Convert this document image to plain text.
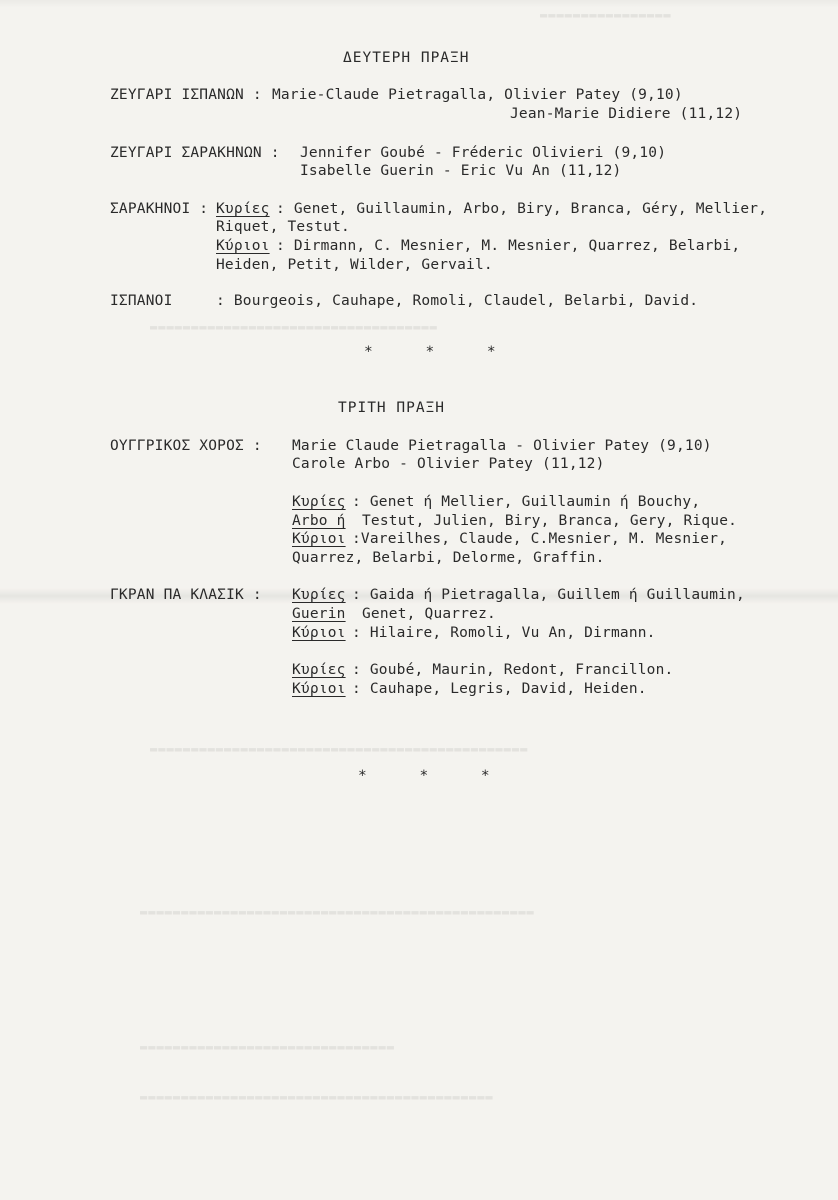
▬▬▬▬▬▬▬▬▬▬▬▬▬▬▬▬
▬▬▬▬▬▬▬▬▬▬▬▬▬▬▬▬▬▬▬▬▬▬▬▬▬▬▬▬▬▬▬▬▬▬▬
▬▬▬▬▬▬▬▬▬▬▬▬▬▬▬▬▬▬▬▬▬▬▬▬▬▬▬▬▬▬▬▬▬▬▬▬▬▬▬▬▬▬▬▬▬▬
▬▬▬▬▬▬▬▬▬▬▬▬▬▬▬▬▬▬▬▬▬▬▬▬▬▬▬▬▬▬▬▬▬▬▬▬▬▬▬▬▬▬▬▬▬▬▬▬
▬▬▬▬▬▬▬▬▬▬▬▬▬▬▬▬▬▬▬▬▬▬▬▬▬▬▬▬▬▬▬
▬▬▬▬▬▬▬▬▬▬▬▬▬▬▬▬▬▬▬▬▬▬▬▬▬▬▬▬▬▬▬▬▬▬▬▬▬▬▬▬▬▬▬
ΔΕΥΤΕΡΗ ΠΡΑΞΗ
ΖΕΥΓΑΡΙ ΙΣΠΑΝΩΝ : Marie-Claude Pietragalla, Olivier Patey (9,10)
Jean-Marie Didiere (11,12)
ΖΕΥΓΑΡΙ ΣΑΡΑΚΗΝΩΝ : Jennifer Goubé - Fréderic Olivieri (9,10)
Isabelle Guerin - Eric Vu An (11,12)
ΣΑΡΑΚΗΝΟΙ : Κυρίες : Genet, Guillaumin, Arbo, Biry, Branca, Géry, Mellier,
Riquet, Testut.
Κύριοι : Dirmann, C. Mesnier, M. Mesnier, Quarrez, Belarbi,
Heiden, Petit, Wilder, Gervail.
ΙΣΠΑΝΟΙ	: Bourgeois, Cauhape, Romoli, Claudel, Belarbi, David.
* * *
ΤΡΙΤΗ ΠΡΑΞΗ
ΟΥΓΓΡΙΚΟΣ ΧΟΡΟΣ : Marie Claude Pietragalla - Olivier Patey (9,10)
Carole Arbo - Olivier Patey (11,12)
Κυρίες : Genet ή Mellier, Guillaumin ή Bouchy,
Arbo ή Testut, Julien, Biry, Branca, Gery, Rique.
Κύριοι :Vareilhes, Claude, C.Mesnier, M. Mesnier,
Quarrez, Belarbi, Delorme, Graffin.
ΓΚΡΑΝ ΠΑ ΚΛΑΣΙΚ : Κυρίες : Gaida ή Pietragalla, Guillem ή Guillaumin,
Guerin Genet, Quarrez.
Κύριοι : Hilaire, Romoli, Vu An, Dirmann.
Κυρίες : Goubé, Maurin, Redont, Francillon.
Κύριοι : Cauhape, Legris, David, Heiden.
* * *
